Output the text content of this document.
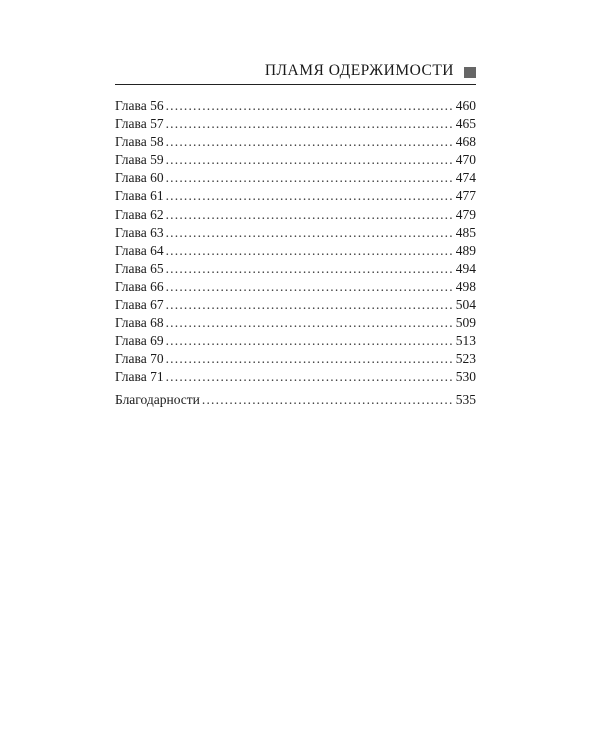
ПЛАМЯ ОДЕРЖИМОСТИ
Глава 56 .....	460
Глава 57 .....	465
Глава 58 .....	468
Глава 59 .....	470
Глава 60 .....	474
Глава 61 .....	477
Глава 62 .....	479
Глава 63 .....	485
Глава 64 .....	489
Глава 65 .....	494
Глава 66 .....	498
Глава 67 .....	504
Глава 68 .....	509
Глава 69 .....	513
Глава 70 .....	523
Глава 71 .....	530
Благодарности .....	535
